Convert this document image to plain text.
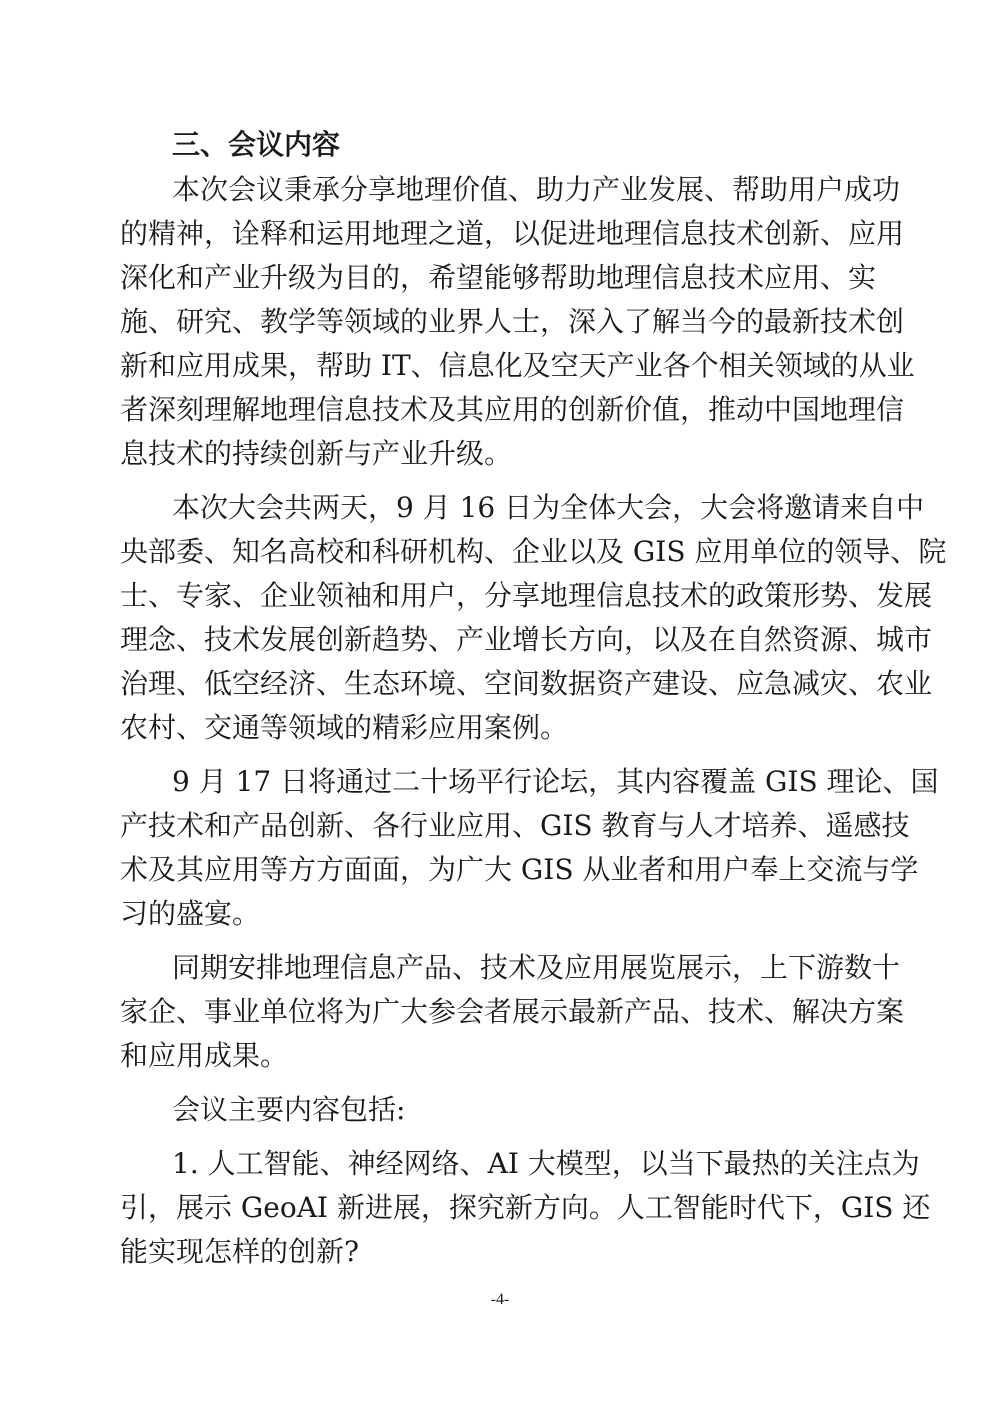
三、会议内容
本次会议秉承分享地理价值、助力产业发展、帮助用户成功
的精神，诠释和运用地理之道，以促进地理信息技术创新、应用
深化和产业升级为目的，希望能够帮助地理信息技术应用、实
施、研究、教学等领域的业界人士，深入了解当今的最新技术创
新和应用成果，帮助 IT、信息化及空天产业各个相关领域的从业
者深刻理解地理信息技术及其应用的创新价值，推动中国地理信
息技术的持续创新与产业升级。
本次大会共两天，9 月 16 日为全体大会，大会将邀请来自中
央部委、知名高校和科研机构、企业以及 GIS 应用单位的领导、院
士、专家、企业领袖和用户，分享地理信息技术的政策形势、发展
理念、技术发展创新趋势、产业增长方向，以及在自然资源、城市
治理、低空经济、生态环境、空间数据资产建设、应急减灾、农业
农村、交通等领域的精彩应用案例。
9 月 17 日将通过二十场平行论坛，其内容覆盖 GIS 理论、国
产技术和产品创新、各行业应用、GIS 教育与人才培养、遥感技
术及其应用等方方面面，为广大 GIS 从业者和用户奉上交流与学
习的盛宴。
同期安排地理信息产品、技术及应用展览展示，上下游数十
家企、事业单位将为广大参会者展示最新产品、技术、解决方案
和应用成果。
会议主要内容包括:
1. 人工智能、神经网络、AI 大模型，以当下最热的关注点为
引，展示 GeoAI 新进展，探究新方向。人工智能时代下，GIS 还
能实现怎样的创新?
-4-
